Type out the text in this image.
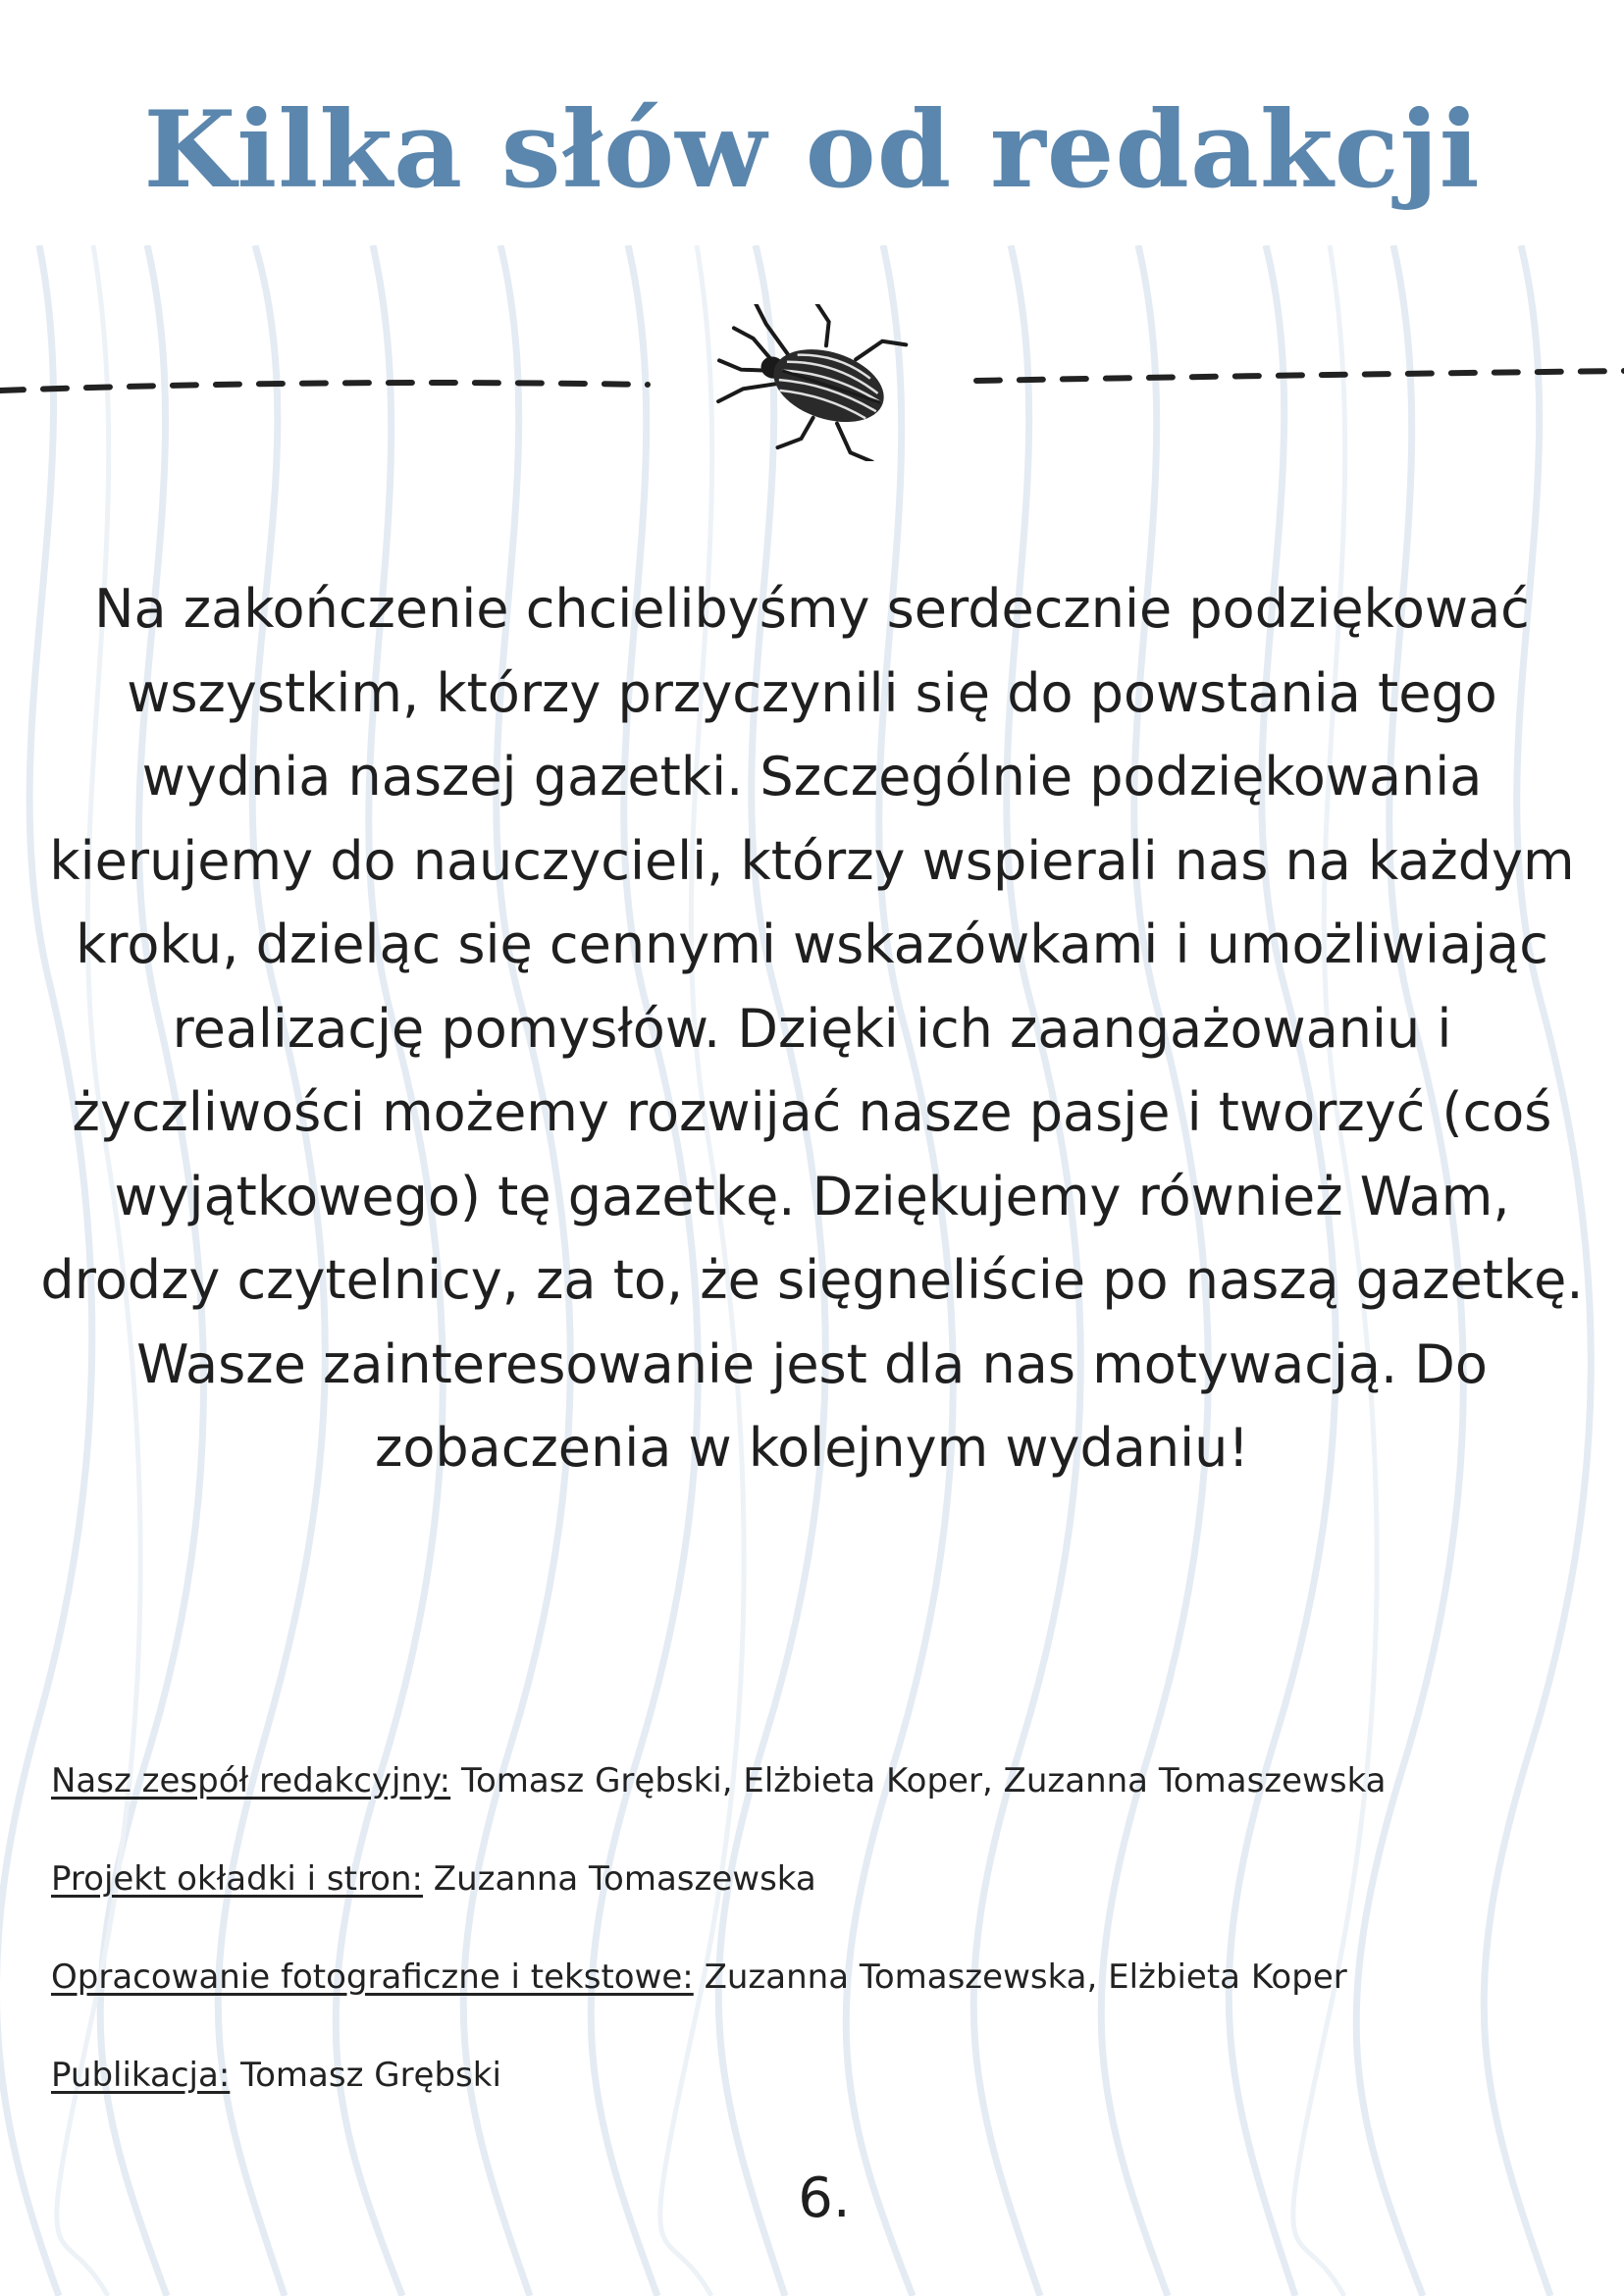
Kilka słów od redakcji

Na zakończenie chcielibyśmy serdecznie podziękować wszystkim, którzy przyczynili się do powstania tego wydnia naszej gazetki. Szczególnie podziękowania kierujemy do nauczycieli, którzy wspierali nas na każdym kroku, dzieląc się cennymi wskazówkami i umożliwiając realizację pomysłów. Dzięki ich zaangażowaniu i życzliwości możemy rozwijać nasze pasje i tworzyć (coś wyjątkowego) tę gazetkę. Dziękujemy również Wam, drodzy czytelnicy, za to, że sięgneliście po naszą gazetkę. Wasze zainteresowanie jest dla nas motywacją. Do zobaczenia w kolejnym wydaniu!

Nasz zespół redakcyjny: Tomasz Grębski, Elżbieta Koper, Zuzanna Tomaszewska
Projekt okładki i stron: Zuzanna Tomaszewska
Opracowanie fotograficzne i tekstowe: Zuzanna Tomaszewska, Elżbieta Koper
Publikacja: Tomasz Grębski
6.
